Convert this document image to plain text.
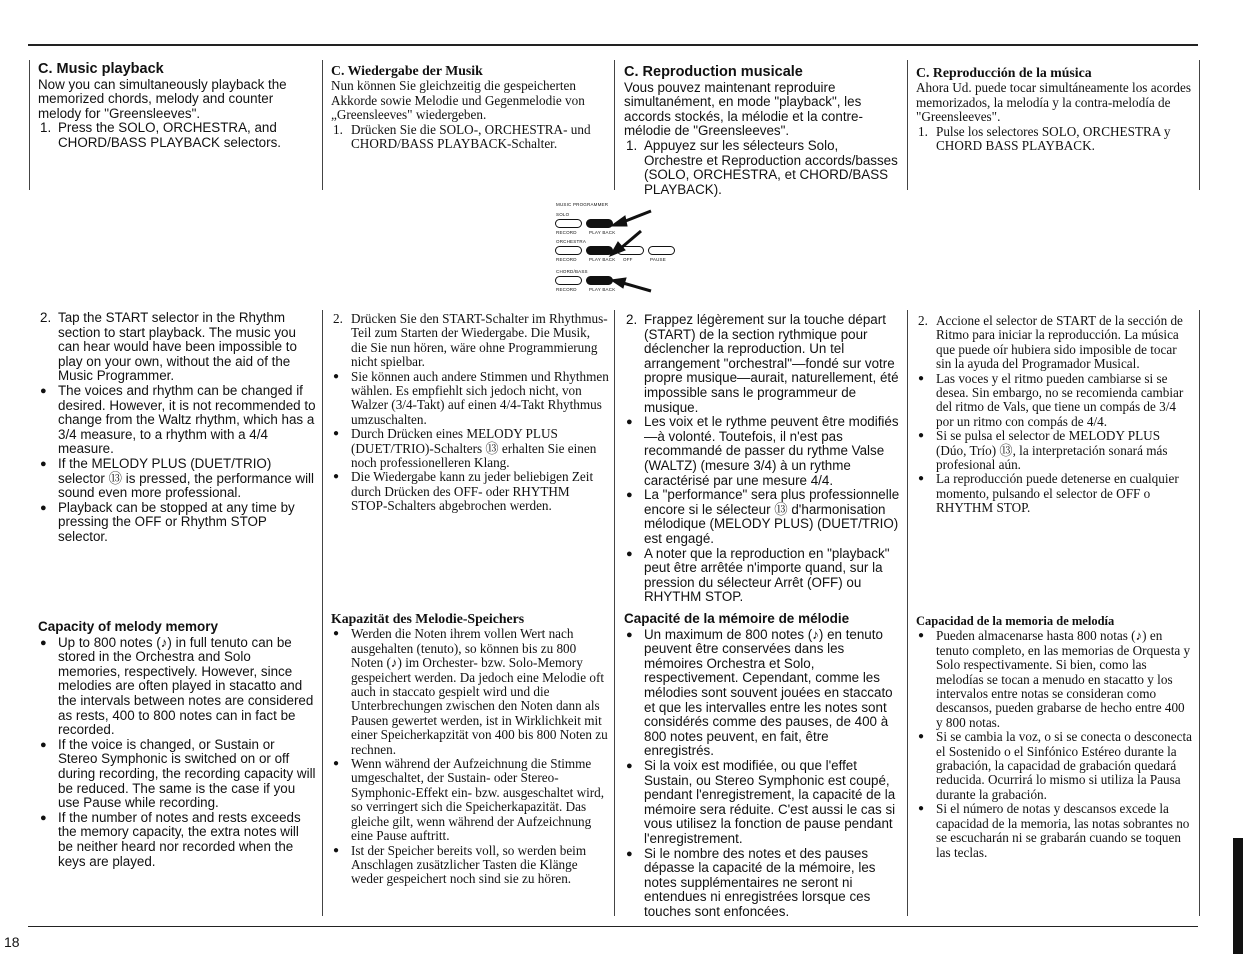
C. Music playback

Now you can simultaneously playback the memorized chords, melody and counter melody for "Greensleeves".

1. Press the SOLO, ORCHESTRA, and CHORD/BASS PLAYBACK selectors.
2. Tap the START selector in the Rhythm section to start playback. The music you can hear would have been impossible to play on your own, without the aid of the Music Programmer.
● The voices and rhythm can be changed if desired. However, it is not recommended to change from the Waltz rhythm, which has a 3/4 measure, to a rhythm with a 4/4 measure.
● If the MELODY PLUS (DUET/TRIO) selector ⑬ is pressed, the performance will sound even more professional.
● Playback can be stopped at any time by pressing the OFF or Rhythm STOP selector.
Capacity of melody memory
● Up to 800 notes (♪) in full tenuto can be stored in the Orchestra and Solo memories, respectively. However, since melodies are often played in stacatto and the intervals between notes are considered as rests, 400 to 800 notes can in fact be recorded.
● If the voice is changed, or Sustain or Stereo Symphonic is switched on or off during recording, the recording capacity will be reduced. The same is the case if you use Pause while recording.
● If the number of notes and rests exceeds the memory capacity, the extra notes will be neither heard nor recorded when the keys are played.
C. Wiedergabe der Musik

Nun können Sie gleichzeitig die gespeicherten Akkorde sowie Melodie und Gegenmelodie von „Greensleeves" wiedergeben.

1. Drücken Sie die SOLO-, ORCHESTRA- und CHORD/BASS PLAYBACK-Schalter.
2. Drücken Sie den START-Schalter im Rhythmus-Teil zum Starten der Wiedergabe. Die Musik, die Sie nun hören, wäre ohne Programmierung nicht spielbar.
● Sie können auch andere Stimmen und Rhythmen wählen. Es empfiehlt sich jedoch nicht, von Walzer (3/4-Takt) auf einen 4/4-Takt Rhythmus umzuschalten.
● Durch Drücken eines MELODY PLUS (DUET/TRIO)-Schalters ⑬ erhalten Sie einen noch professionelleren Klang.
● Die Wiedergabe kann zu jeder beliebigen Zeit durch Drücken des OFF- oder RHYTHM STOP-Schalters abgebrochen werden.
Kapazität des Melodie-Speichers
● Werden die Noten ihrem vollen Wert nach ausgehalten (tenuto), so können bis zu 800 Noten (♪) im Orchester- bzw. Solo-Memory gespeichert werden. Da jedoch eine Melodie oft auch in staccato gespielt wird und die Unterbrechungen zwischen den Noten dann als Pausen gewertet werden, ist in Wirklichkeit mit einer Speicherkapzität von 400 bis 800 Noten zu rechnen.
● Wenn während der Aufzeichnung die Stimme umgeschaltet, der Sustain- oder Stereo-Symphonic-Effekt ein- bzw. ausgeschaltet wird, so verringert sich die Speicherkapazität. Das gleiche gilt, wenn während der Aufzeichnung eine Pause auftritt.
● Ist der Speicher bereits voll, so werden beim Anschlagen zusätzlicher Tasten die Klänge weder gespeichert noch sind sie zu hören.
C. Reproduction musicale

Vous pouvez maintenant reproduire simultanément, en mode "playback", les accords stockés, la mélodie et la contre-mélodie de "Greensleeves".

1. Appuyez sur les sélecteurs Solo, Orchestre et Reproduction accords/basses (SOLO, ORCHESTRA, et CHORD/BASS PLAYBACK).
2. Frappez légèrement sur la touche départ (START) de la section rythmique pour déclencher la reproduction. Un tel arrangement "orchestral"—fondé sur votre propre musique—aurait, naturellement, été impossible sans le programmeur de musique.
● Les voix et le rythme peuvent être modifiés—à volonté. Toutefois, il n'est pas recommandé de passer du rythme Valse (WALTZ) (mesure 3/4) à un rythme caractérisé par une mesure 4/4.
● La "performance" sera plus professionnelle encore si le sélecteur ⑬ d'harmonisation mélodique (MELODY PLUS) (DUET/TRIO) est engagé.
● A noter que la reproduction en "playback" peut être arrêtée n'importe quand, sur la pression du sélecteur Arrêt (OFF) ou RHYTHM STOP.
Capacité de la mémoire de mélodie
● Un maximum de 800 notes (♪) en tenuto peuvent être conservées dans les mémoires Orchestra et Solo, respectivement. Cependant, comme les mélodies sont souvent jouées en staccato et que les intervalles entre les notes sont considérés comme des pauses, de 400 à 800 notes peuvent, en fait, être enregistrés.
● Si la voix est modifiée, ou que l'effet Sustain, ou Stereo Symphonic est coupé, pendant l'enregistrement, la capacité de la mémoire sera réduite. C'est aussi le cas si vous utilisez la fonction de pause pendant l'enregistrement.
● Si le nombre des notes et des pauses dépasse la capacité de la mémoire, les notes supplémentaires ne seront ni entendues ni enregistrées lorsque ces touches sont enfoncées.
C. Reproducción de la música

Ahora Ud. puede tocar simultáneamente los acordes memorizados, la melodía y la contra-melodía de "Greensleeves".

1. Pulse los selectores SOLO, ORCHESTRA y CHORD BASS PLAYBACK.
2. Accione el selector de START de la sección de Ritmo para iniciar la reproducción. La música que puede oír hubiera sido imposible de tocar sin la ayuda del Programador Musical.
● Las voces y el ritmo pueden cambiarse si se desea. Sin embargo, no se recomienda cambiar del ritmo de Vals, que tiene un compás de 3/4 por un ritmo con compás de 4/4.
● Si se pulsa el selector de MELODY PLUS (Dúo, Trío) ⑬, la interpretación sonará más profesional aún.
● La reproducción puede detenerse en cualquier momento, pulsando el selector de OFF o RHYTHM STOP.
Capacidad de la memoria de melodía
● Pueden almacenarse hasta 800 notas (♪) en tenuto completo, en las memorias de Orquesta y Solo respectivamente. Si bien, como las melodías se tocan a menudo en stacatto y los intervalos entre notas se consideran como descansos, pueden grabarse de hecho entre 400 y 800 notas.
● Si se cambia la voz, o si se conecta o desconecta el Sostenido o el Sinfónico Estéreo durante la grabación, la capacidad de grabación quedará reducida. Ocurrirá lo mismo si utiliza la Pausa durante la grabación.
● Si el número de notas y descansos excede la capacidad de la memoria, las notas sobrantes no se escucharán ni se grabarán cuando se toquen las teclas.
MUSIC PROGRAMMER
SOLO
RECORD	PLAY BACK
ORCHESTRA
RECORD	PLAY BACK OFF	PAUSE
CHORD/BASS
RECORD	PLAY BACK
18
